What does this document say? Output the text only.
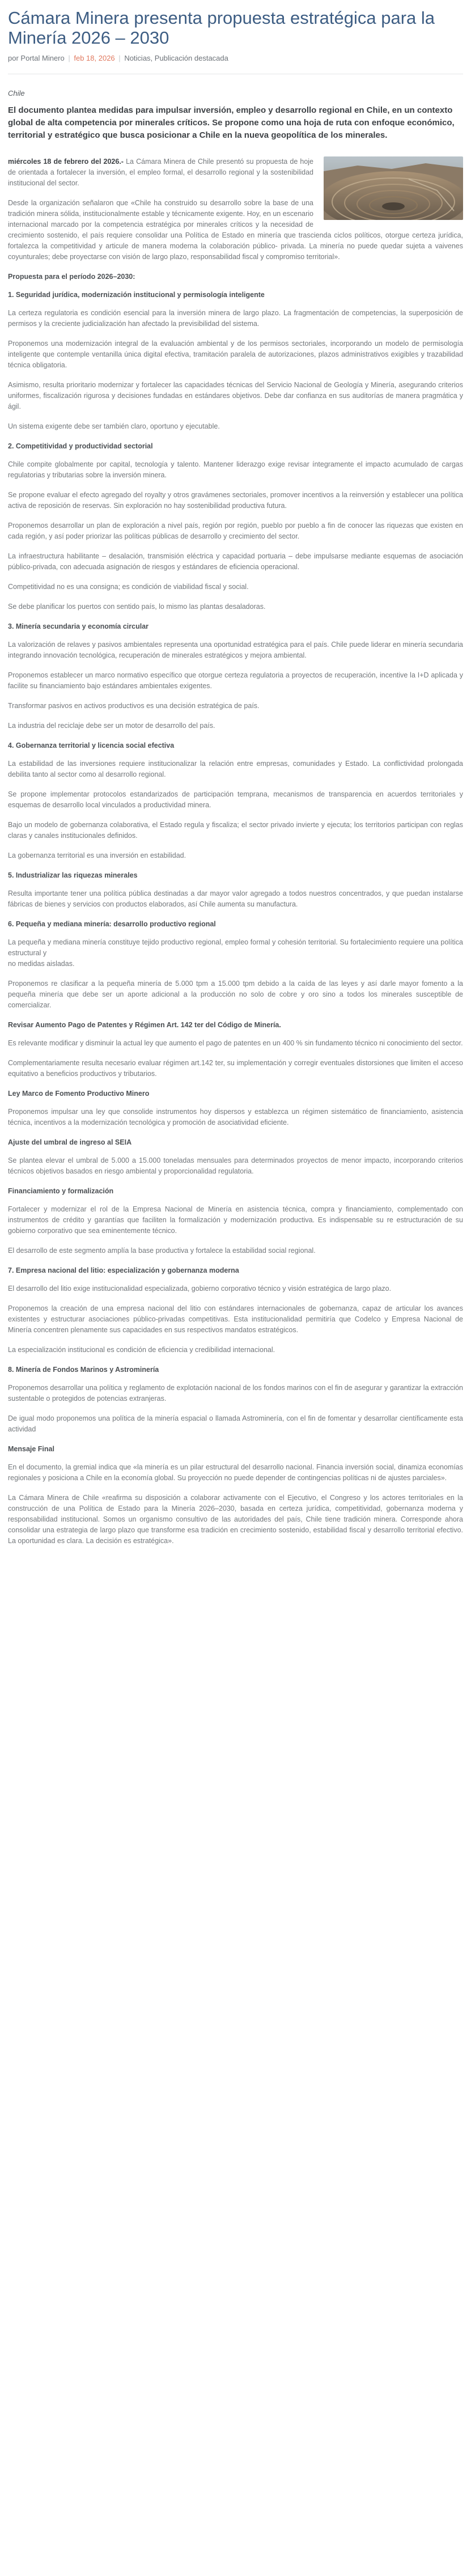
Cámara Minera presenta propuesta estratégica para la Minería 2026 – 2030
por Portal Minero | feb 18, 2026 | Noticias, Publicación destacada
Chile
El documento plantea medidas para impulsar inversión, empleo y desarrollo regional en Chile, en un contexto global de alta competencia por minerales críticos. Se propone como una hoja de ruta con enfoque económico, territorial y estratégico que busca posicionar a Chile en la nueva geopolítica de los minerales.

miércoles 18 de febrero del 2026.- La Cámara Minera de Chile presentó su propuesta de hoje de orientada a fortalecer la inversión, el empleo formal, el desarrollo regional y la sostenibilidad institucional del sector.

Desde la organización señalaron que «Chile ha construido su desarrollo sobre la base de una tradición minera sólida, institucionalmente estable y técnicamente exigente. Hoy, en un escenario internacional marcado por la competencia estratégica por minerales críticos y la necesidad de crecimiento sostenido, el país requiere consolidar una Política de Estado en minería que trascienda ciclos políticos, otorgue certeza jurídica, fortalezca la competitividad y articule de manera moderna la colaboración público- privada. La minería no puede quedar sujeta a vaivenes coyunturales; debe proyectarse con visión de largo plazo, responsabilidad fiscal y compromiso territorial».

Propuesta para el período 2026–2030:
1. Seguridad jurídica, modernización institucional y permisología inteligente

La certeza regulatoria es condición esencial para la inversión minera de largo plazo. La fragmentación de competencias, la superposición de permisos y la creciente judicialización han afectado la previsibilidad del sistema.

Proponemos una modernización integral de la evaluación ambiental y de los permisos sectoriales, incorporando un modelo de permisología inteligente que contemple ventanilla única digital efectiva, tramitación paralela de autorizaciones, plazos administrativos exigibles y trazabilidad técnica obligatoria.

Asimismo, resulta prioritario modernizar y fortalecer las capacidades técnicas del Servicio Nacional de Geología y Minería, asegurando criterios uniformes, fiscalización rigurosa y decisiones fundadas en estándares objetivos. Debe dar confianza en sus auditorías de manera pragmática y ágil.

Un sistema exigente debe ser también claro, oportuno y ejecutable.

2. Competitividad y productividad sectorial

Chile compite globalmente por capital, tecnología y talento. Mantener liderazgo exige revisar íntegramente el impacto acumulado de cargas regulatorias y tributarias sobre la inversión minera.

Se propone evaluar el efecto agregado del royalty y otros gravámenes sectoriales, promover incentivos a la reinversión y establecer una política activa de reposición de reservas. Sin exploración no hay sostenibilidad productiva futura.

Proponemos desarrollar un plan de exploración a nivel país, región por región, pueblo por pueblo a fin de conocer las riquezas que existen en cada región, y así poder priorizar las políticas públicas de desarrollo y crecimiento del sector.

La infraestructura habilitante – desalación, transmisión eléctrica y capacidad portuaria – debe impulsarse mediante esquemas de asociación público-privada, con adecuada asignación de riesgos y estándares de eficiencia operacional.

Competitividad no es una consigna; es condición de viabilidad fiscal y social.

Se debe planificar los puertos con sentido país, lo mismo las plantas desaladoras.

3. Minería secundaria y economía circular

La valorización de relaves y pasivos ambientales representa una oportunidad estratégica para el país. Chile puede liderar en minería secundaria integrando innovación tecnológica, recuperación de minerales estratégicos y mejora ambiental.

Proponemos establecer un marco normativo específico que otorgue certeza regulatoria a proyectos de recuperación, incentive la I+D aplicada y facilite su financiamiento bajo estándares ambientales exigentes.

Transformar pasivos en activos productivos es una decisión estratégica de país.

La industria del reciclaje debe ser un motor de desarrollo del país.

4. Gobernanza territorial y licencia social efectiva

La estabilidad de las inversiones requiere institucionalizar la relación entre empresas, comunidades y Estado. La conflictividad prolongada debilita tanto al sector como al desarrollo regional.

Se propone implementar protocolos estandarizados de participación temprana, mecanismos de transparencia en acuerdos territoriales y esquemas de desarrollo local vinculados a productividad minera.

Bajo un modelo de gobernanza colaborativa, el Estado regula y fiscaliza; el sector privado invierte y ejecuta; los territorios participan con reglas claras y canales institucionales definidos.

La gobernanza territorial es una inversión en estabilidad.

5. Industrializar las riquezas minerales

Resulta importante tener una política pública destinadas a dar mayor valor agregado a todos nuestros concentrados, y que puedan instalarse fábricas de bienes y servicios con productos elaborados, así Chile aumenta su manufactura.

6. Pequeña y mediana minería: desarrollo productivo regional

La pequeña y mediana minería constituye tejido productivo regional, empleo formal y cohesión territorial. Su fortalecimiento requiere una política estructural y
no medidas aisladas.

Proponemos re clasificar a la pequeña minería de 5.000 tpm a 15.000 tpm debido a la caída de las leyes y así darle mayor fomento a la pequeña minería que debe ser un aporte adicional a la producción no solo de cobre y oro sino a todos los minerales susceptible de comercializar.

Revisar Aumento Pago de Patentes y Régimen Art. 142 ter del Código de Minería.

Es relevante modificar y disminuir la actual ley que aumento el pago de patentes en un 400 % sin fundamento técnico ni conocimiento del sector.

Complementariamente resulta necesario evaluar régimen art.142 ter, su implementación y corregir eventuales distorsiones que limiten el acceso equitativo a beneficios productivos y tributarios.

Ley Marco de Fomento Productivo Minero

Proponemos impulsar una ley que consolide instrumentos hoy dispersos y establezca un régimen sistemático de financiamiento, asistencia técnica, incentivos a la modernización tecnológica y promoción de asociatividad eficiente.

Ajuste del umbral de ingreso al SEIA

Se plantea elevar el umbral de 5.000 a 15.000 toneladas mensuales para determinados proyectos de menor impacto, incorporando criterios técnicos objetivos basados en riesgo ambiental y proporcionalidad regulatoria.

Financiamiento y formalización

Fortalecer y modernizar el rol de la Empresa Nacional de Minería en asistencia técnica, compra y financiamiento, complementado con instrumentos de crédito y garantías que faciliten la formalización y modernización productiva. Es indispensable su re estructuración de su gobierno corporativo que sea eminentemente técnico.

El desarrollo de este segmento amplía la base productiva y fortalece la estabilidad social regional.

7. Empresa nacional del litio: especialización y gobernanza moderna

El desarrollo del litio exige institucionalidad especializada, gobierno corporativo técnico y visión estratégica de largo plazo.

Proponemos la creación de una empresa nacional del litio con estándares internacionales de gobernanza, capaz de articular los avances existentes y estructurar asociaciones público-privadas competitivas. Esta institucionalidad permitiría que Codelco y Empresa Nacional de Minería concentren plenamente sus capacidades en sus respectivos mandatos estratégicos.

La especialización institucional es condición de eficiencia y credibilidad internacional.

8. Minería de Fondos Marinos y Astrominería

Proponemos desarrollar una política y reglamento de explotación nacional de los fondos marinos con el fin de asegurar y garantizar la extracción sustentable o protegidos de potencias extranjeras.

De igual modo proponemos una política de la minería espacial o llamada Astrominería, con el fin de fomentar y desarrollar científicamente esta actividad

Mensaje Final

En el documento, la gremial indica que «la minería es un pilar estructural del desarrollo nacional. Financia inversión social, dinamiza economías regionales y posiciona a Chile en la economía global. Su proyección no puede depender de contingencias políticas ni de ajustes parciales».

La Cámara Minera de Chile «reafirma su disposición a colaborar activamente con el Ejecutivo, el Congreso y los actores territoriales en la construcción de una Política de Estado para la Minería 2026–2030, basada en certeza jurídica, competitividad, gobernanza moderna y responsabilidad institucional. Somos un organismo consultivo de las autoridades del país, Chile tiene tradición minera. Corresponde ahora consolidar una estrategia de largo plazo que transforme esa tradición en crecimiento sostenido, estabilidad fiscal y desarrollo territorial efectivo. La oportunidad es clara. La decisión es estratégica».
